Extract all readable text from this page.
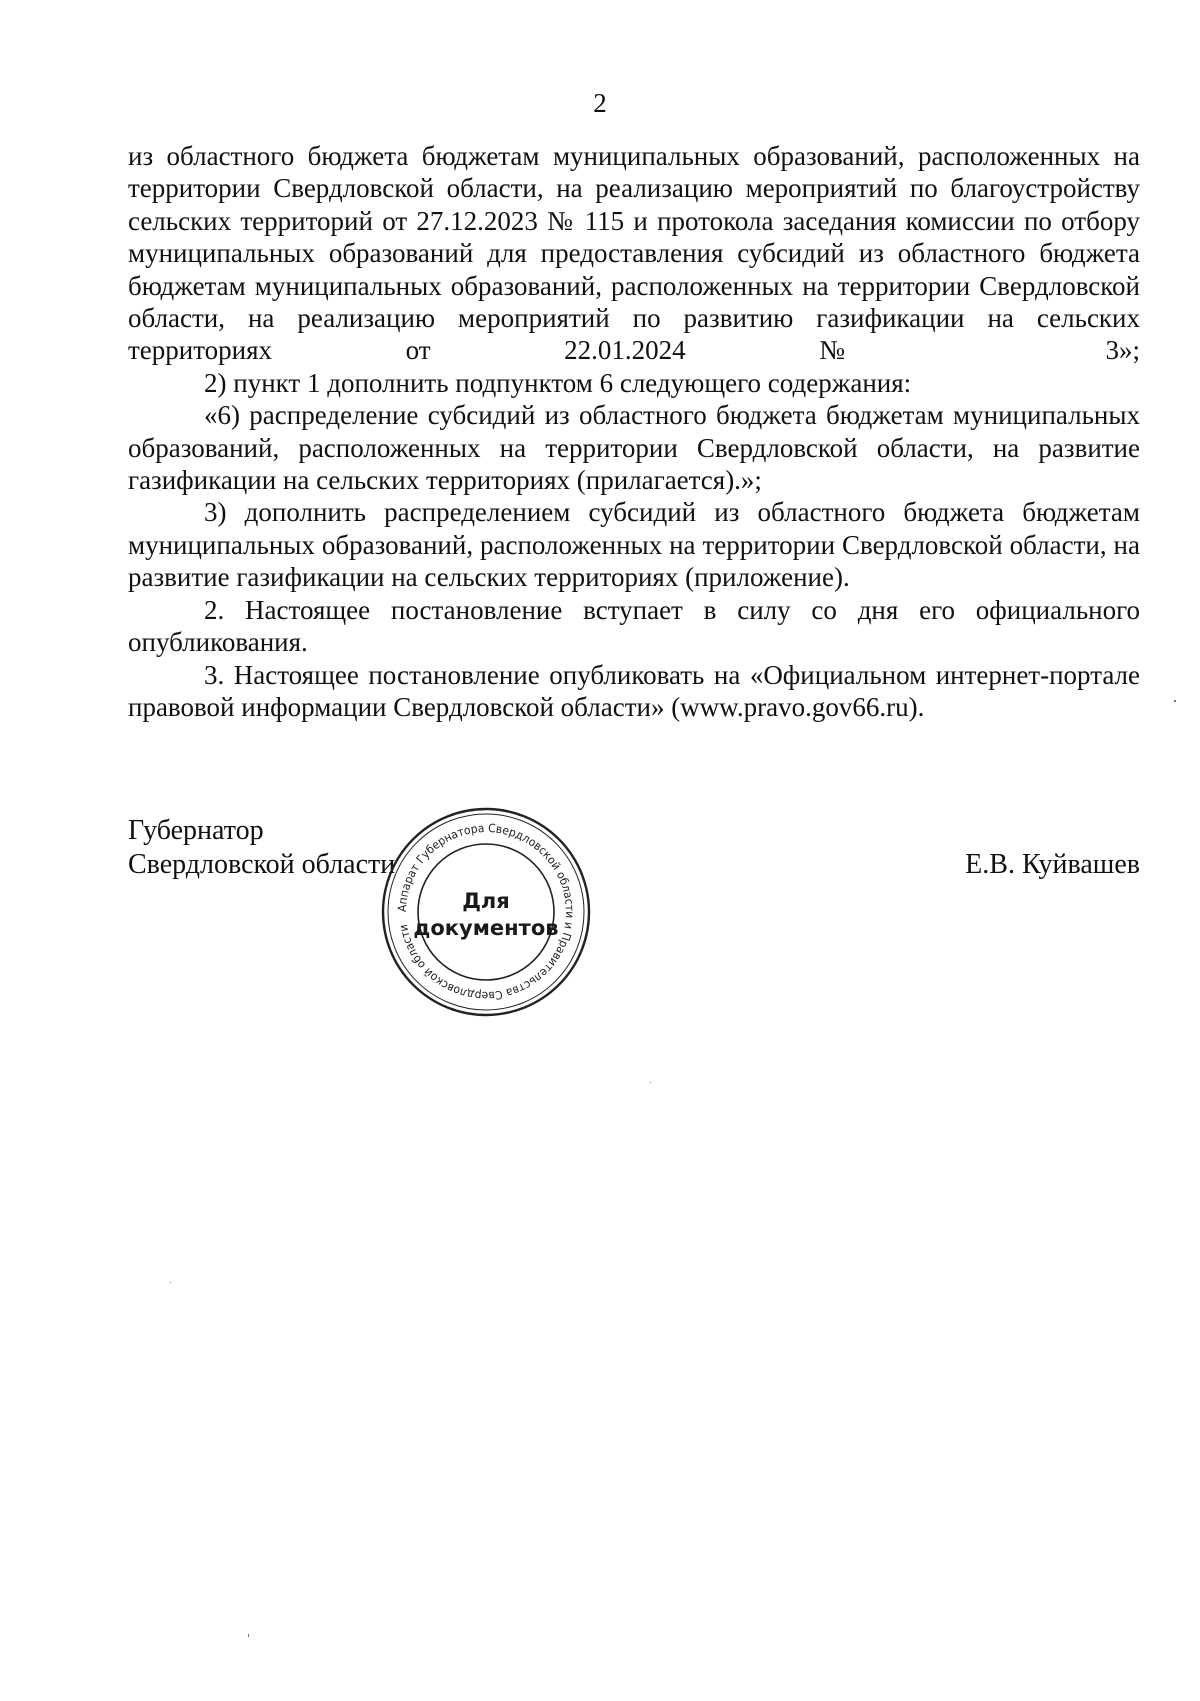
2

из областного бюджета бюджетам муниципальных образований, расположенных на территории Свердловской области, на реализацию мероприятий по благоустройству сельских территорий от 27.12.2023 № 115 и протокола заседания комиссии по отбору муниципальных образований для предоставления субсидий из областного бюджета бюджетам муниципальных образований, расположенных на территории Свердловской области, на реализацию мероприятий по развитию газификации на сельских территориях от 22.01.2024 № 3»;

2) пункт 1 дополнить подпунктом 6 следующего содержания:

«6) распределение субсидий из областного бюджета бюджетам муниципальных образований, расположенных на территории Свердловской области, на развитие газификации на сельских территориях (прилагается).»;

3) дополнить распределением субсидий из областного бюджета бюджетам муниципальных образований, расположенных на территории Свердловской области, на развитие газификации на сельских территориях (приложение).

2. Настоящее постановление вступает в силу со дня его официального опубликования.

3. Настоящее постановление опубликовать на «Официальном интернет-портале правовой информации Свердловской области» (www.pravo.gov66.ru).

Губернатор
Свердловской области	Е.В. Куйвашев
Аппарат Губернатора Свердловской области и Правительства Свердловской области
Для
документов
